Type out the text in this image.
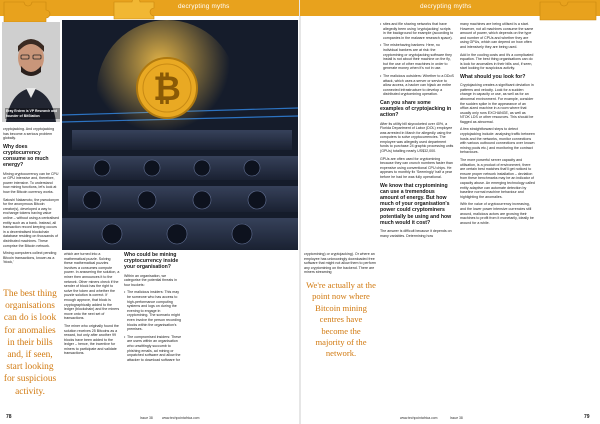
decrypting myths
Eray Erdem is VP Research and founder of BitStation
₿

cryptojacking. And cryptojacking has become a serious problem globally.

Why does cryptocurrency consume so much energy?

Mining cryptocurrency can be CPU or GPU intensive and, therefore, power intensive. To understand how mining functions, let's look at how the Bitcoin currency works.

Satoshi Nakamoto, the pseudonym for the anonymous Bitcoin creator(s), developed a way to exchange tokens having value online – without using a centralised entity such as a bank. Instead, all transaction record keeping occurs in a decentralised blockchain database residing on thousands of distributed machines. These comprise the Bitcoin network.

Mining computers collect pending Bitcoin transactions, known as a 'block,'

The best thing organisations can do is look for anomalies in their bills and, if seen, start looking for suspicious activity.

which are turned into a mathematical puzzle. Solving these mathematical puzzles involves a consumes compute power. In answering the solution, a miner then announces it to the network. Other miners check if the sender of block has the right to solve the token and whether the puzzle solution is correct. If enough approve, that block is cryptographically added to the ledger (blockchain) and the miners move onto the next set of transactions.

The miner who originally found the solution receives 25 Bitcoins as a reward, but only after another 99 blocks have been added to the ledger – hence, the incentive for miners to participate and validate transactions.

Who could be mining cryptocurrency inside your organisation?

Within an organisation, we categorise the potential threats in four buckets:

• The malicious insiders: This may be someone who has access to high-performance computing systems and logs on during the evening to engage in cryptomining. The scenario might even involve the person recording blocks within the organisation's premises.

• The compromised insiders: These are users within an organisation who unwittingly succumb to phishing emails, ad mining or unpatched software and allow the attacker to download software for

78	Issue 38	www.techpointafrica.com
decrypting myths

cryptomining) or cryptojacking). Or where an employee has unknowingly downloaded free software that might not allow them to perform any cryptomining on the backend. There are miners streaming

• sites and file sharing networks that have allegedly been using 'cryptojacking' scripts in the background for example (according to companies in the malware research space).

• The misbehaving bankers: Here, no individual bankers are at risk: the cryptomining or cryptojacking software they install is not about their machine on the fly, but the use of other machines in order to generate money when it's not in use.

• The malicious outsiders: Whether to a DDoS attack, which uses a server or service to allow access, a hacker can hijack an entire connected infrastructure to develop a distributed cryptomining operation.

Can you share some examples of cryptojacking in action?

After its utility bill skyrocketed over 40%, a Florida Department of Labor (DOL) employee was arrested in March for allegedly using the computers to solve cryptocurrencies. The employee was allegedly used department funds to purchase 24 graphic processing units (GPUs) totalling nearly US$32,000.

GPUs are often used for cryptomining because they can crunch numbers faster than expensive using conventional CPU chips. He appears to monthly fix 'Seemingly' half a year before he had he was fully operational.

We know that cryptomining can use a tremendous amount of energy. But how much of your organisation's power could cryptominers potentially be using and how much would it cost?

The answer is difficult because it depends on many variables. Determining how

many machines are being utilised is a start. However, not all machines consume the same amount of power, which depends on the type and number of CPUs and whether they are using GPUs, which can depend on how often and intensively they are being used.

Add in the cooling costs and it's a complicated equation. The best thing organisations can do is look for anomalies in their bills and, if seen, start looking for suspicious activity.

What should you look for?

Cryptojacking creates a significant deviation in patterns and velocity. Look for a sudden change in capacity or use, as well as for an abnormal environment. For example, consider the sudden spike in the appearance of an office-sized machine in a room where that usually only runs EXCHANGE, as well as NTOK LDS or other resources. This should be flagged as abnormal.

A few straightforward steps to detect cryptojacking include: analysing traffic between hosts and the networks, monitor connections with various outbound connections over known mining pools etc.) and monitoring the contract behaviours.

The more powerful server capacity and utilisation, is a product of environment, there are certain best matches that'll get noticed to ensure proper network installation – deviation from these benchmarks may be an indicator of capacity abuse. An emerging technology called entity adaptive can automate detection by baseline normal machine behaviour and highlighting the anomalies.

With the value of cryptocurrency increasing, and the lower power intensive currencies still around, malicious actors are growing their machines to profit from it monetarily, ideally be around for a while.

We're actually at the point now where Bitcoin mining centres have become the majority of the network.
www.techpointafrica.com	Issue 38	79
